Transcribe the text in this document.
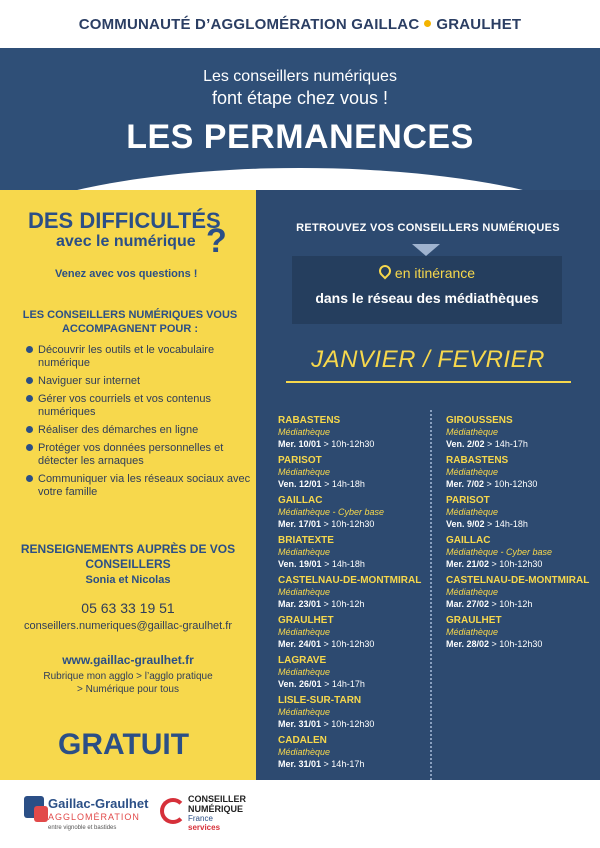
COMMUNAUTÉ D’AGGLOMÉRATION GAILLAC GRAULHET
Les conseillers numériques
font étape chez vous !
LES PERMANENCES
DES DIFFICULTÉS
avec le numérique ?
Venez avec vos questions !
LES CONSEILLERS NUMÉRIQUES VOUS ACCOMPAGNENT POUR :
Découvrir les outils et le vocabulaire numérique
Naviguer sur internet
Gérer vos courriels et vos contenus numériques
Réaliser des démarches en ligne
Protéger vos données personnelles et détecter les arnaques
Communiquer via les réseaux sociaux avec votre famille
RENSEIGNEMENTS AUPRÈS DE VOS CONSEILLERS
Sonia et Nicolas
05 63 33 19 51
conseillers.numeriques@gaillac-graulhet.fr
www.gaillac-graulhet.fr
Rubrique mon agglo > l’agglo pratique
> Numérique pour tous
GRATUIT
RETROUVEZ VOS CONSEILLERS NUMÉRIQUES
en itinérance
dans le réseau des médiathèques
JANVIER / FEVRIER
RABASTENS
Médiathèque
Mer. 10/01 > 10h-12h30
PARISOT
Médiathèque
Ven. 12/01 > 14h-18h
GAILLAC
Médiathèque - Cyber base
Mer. 17/01 > 10h-12h30
BRIATEXTE
Médiathèque
Ven. 19/01 > 14h-18h
CASTELNAU-DE-MONTMIRAL
Médiathèque
Mar. 23/01 > 10h-12h
GRAULHET
Médiathèque
Mer. 24/01 > 10h-12h30
LAGRAVE
Médiathèque
Ven. 26/01 > 14h-17h
LISLE-SUR-TARN
Médiathèque
Mer. 31/01 > 10h-12h30
CADALEN
Médiathèque
Mer. 31/01 > 14h-17h
GIROUSSENS
Médiathèque
Ven. 2/02 > 14h-17h
RABASTENS
Médiathèque
Mer. 7/02 > 10h-12h30
PARISOT
Médiathèque
Ven. 9/02 > 14h-18h
GAILLAC
Médiathèque - Cyber base
Mer. 21/02 > 10h-12h30
CASTELNAU-DE-MONTMIRAL
Médiathèque
Mar. 27/02 > 10h-12h
GRAULHET
Médiathèque
Mer. 28/02 > 10h-12h30
Gaillac-Graulhet
AGGLOMÉRATION
entre vignoble et bastides
CONSEILLER
NUMÉRIQUE
France
services
